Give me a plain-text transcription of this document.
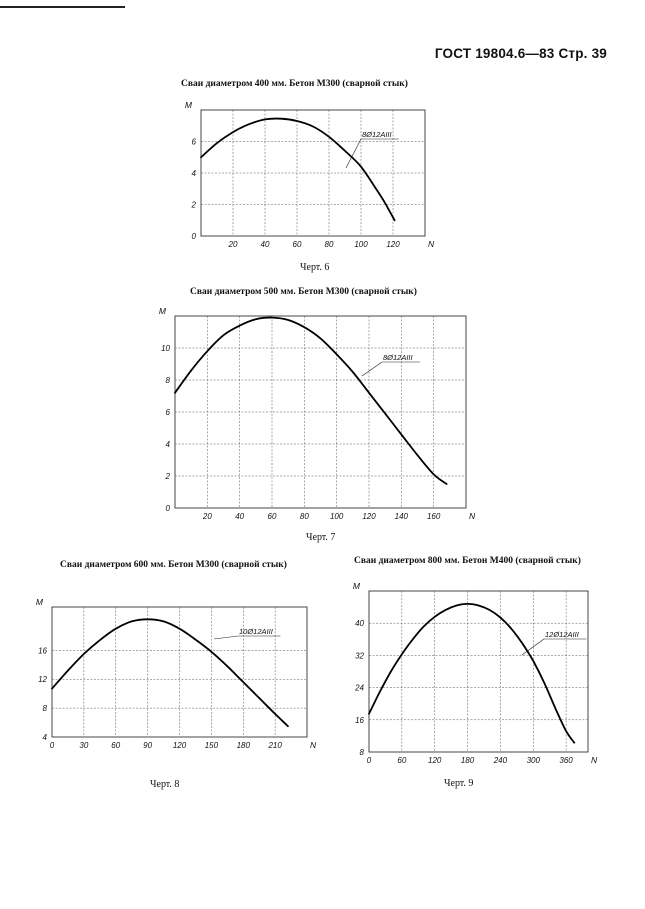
ГОСТ 19804.6—83 Стр. 39
Сваи диаметром 400 мм. Бетон М300 (сварной стык)
Черт. 6
Сваи диаметром 500 мм. Бетон М300 (сварной стык)
Черт. 7
Сваи диаметром 600 мм. Бетон М300 (сварной стык)
Черт. 8
Сваи диаметром 800 мм. Бетон М400 (сварной стык)
Черт. 9
20	40	60	80	100 120
0
2
4
6
M
N
8Ø12АIII
20	40	60	80	100 120 140 160
0
2
4
6
8
10
M
N
8Ø12АIII
0	30	60	90	120 150 180 210
4
8
12
16
M
N
10Ø12АIII
0	60	120 180 240 300 360
8
16
24
32
40
M
N
12Ø12АIII
